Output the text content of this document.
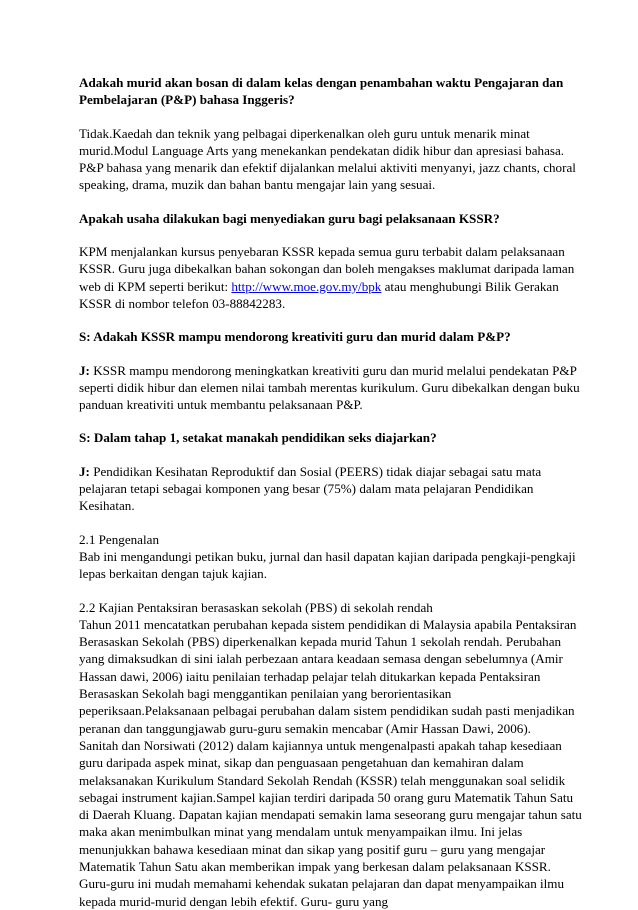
Adakah murid akan bosan di dalam kelas dengan penambahan waktu Pengajaran dan Pembelajaran (P&P) bahasa Inggeris?

Tidak.Kaedah dan teknik yang pelbagai diperkenalkan oleh guru untuk menarik minat murid.Modul Language Arts yang menekankan pendekatan didik hibur dan apresiasi bahasa. P&P bahasa yang menarik dan efektif dijalankan melalui aktiviti menyanyi, jazz chants, choral speaking, drama, muzik dan bahan bantu mengajar lain yang sesuai.

Apakah usaha dilakukan bagi menyediakan guru bagi pelaksanaan KSSR?

KPM menjalankan kursus penyebaran KSSR kepada semua guru terbabit dalam pelaksanaan KSSR. Guru juga dibekalkan bahan sokongan dan boleh mengakses maklumat daripada laman web di KPM seperti berikut: http://www.moe.gov.my/bpk atau menghubungi Bilik Gerakan KSSR di nombor telefon 03-88842283.

S: Adakah KSSR mampu mendorong kreativiti guru dan murid dalam P&P?

J: KSSR mampu mendorong meningkatkan kreativiti guru dan murid melalui pendekatan P&P seperti didik hibur dan elemen nilai tambah merentas kurikulum. Guru dibekalkan dengan buku panduan kreativiti untuk membantu pelaksanaan P&P.

S: Dalam tahap 1, setakat manakah pendidikan seks diajarkan?

J: Pendidikan Kesihatan Reproduktif dan Sosial (PEERS) tidak diajar sebagai satu mata pelajaran tetapi sebagai komponen yang besar (75%) dalam mata pelajaran Pendidikan Kesihatan.

2.1 Pengenalan

Bab ini mengandungi petikan buku, jurnal dan hasil dapatan kajian daripada pengkaji-pengkaji lepas berkaitan dengan tajuk kajian.

2.2 Kajian Pentaksiran berasaskan sekolah (PBS) di sekolah rendah

Tahun 2011 mencatatkan perubahan kepada sistem pendidikan di Malaysia apabila Pentaksiran Berasaskan Sekolah (PBS) diperkenalkan kepada murid Tahun 1 sekolah rendah. Perubahan yang dimaksudkan di sini ialah perbezaan antara keadaan semasa dengan sebelumnya (Amir Hassan dawi, 2006) iaitu penilaian terhadap pelajar telah ditukarkan kepada Pentaksiran Berasaskan Sekolah bagi menggantikan penilaian yang berorientasikan peperiksaan.Pelaksanaan pelbagai perubahan dalam sistem pendidikan sudah pasti menjadikan peranan dan tanggungjawab guru-guru semakin mencabar (Amir Hassan Dawi, 2006).

Sanitah dan Norsiwati (2012) dalam kajiannya untuk mengenalpasti apakah tahap kesediaan guru daripada aspek minat, sikap dan penguasaan pengetahuan dan kemahiran dalam melaksanakan Kurikulum Standard Sekolah Rendah (KSSR) telah menggunakan soal selidik sebagai instrument kajian.Sampel kajian terdiri daripada 50 orang guru Matematik Tahun Satu di Daerah Kluang. Dapatan kajian mendapati semakin lama seseorang guru mengajar tahun satu maka akan menimbulkan minat yang mendalam untuk menyampaikan ilmu. Ini jelas menunjukkan bahawa kesediaan minat dan sikap yang positif guru – guru yang mengajar Matematik Tahun Satu akan memberikan impak yang berkesan dalam pelaksanaan KSSR. Guru-guru ini mudah memahami kehendak sukatan pelajaran dan dapat menyampaikan ilmu kepada murid-murid dengan lebih efektif. Guru- guru yang
